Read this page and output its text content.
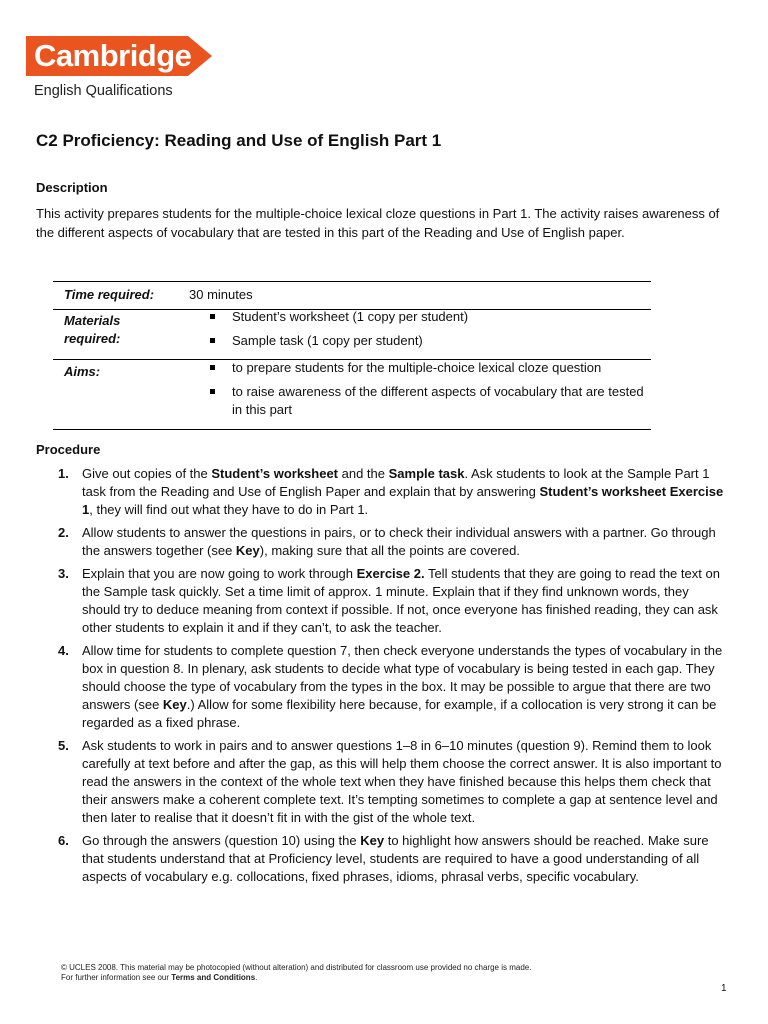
Cambridge
English Qualifications
C2 Proficiency: Reading and Use of English Part 1
Description
This activity prepares students for the multiple-choice lexical cloze questions in Part 1. The activity raises awareness of the different aspects of vocabulary that are tested in this part of the Reading and Use of English paper.
Time required:	30 minutes
Materials required:
Student’s worksheet (1 copy per student)
Sample task (1 copy per student)
Aims:	to prepare students for the multiple-choice lexical cloze question
to raise awareness of the different aspects of vocabulary that are tested in this part
Procedure
1. Give out copies of the Student’s worksheet and the Sample task. Ask students to look at the Sample Part 1 task from the Reading and Use of English Paper and explain that by answering Student’s worksheet Exercise 1, they will find out what they have to do in Part 1.
2. Allow students to answer the questions in pairs, or to check their individual answers with a partner. Go through the answers together (see Key), making sure that all the points are covered.
3. Explain that you are now going to work through Exercise 2. Tell students that they are going to read the text on the Sample task quickly. Set a time limit of approx. 1 minute. Explain that if they find unknown words, they should try to deduce meaning from context if possible. If not, once everyone has finished reading, they can ask other students to explain it and if they can’t, to ask the teacher.
4. Allow time for students to complete question 7, then check everyone understands the types of vocabulary in the box in question 8. In plenary, ask students to decide what type of vocabulary is being tested in each gap. They should choose the type of vocabulary from the types in the box. It may be possible to argue that there are two answers (see Key.) Allow for some flexibility here because, for example, if a collocation is very strong it can be regarded as a fixed phrase.
5. Ask students to work in pairs and to answer questions 1–8 in 6–10 minutes (question 9). Remind them to look carefully at text before and after the gap, as this will help them choose the correct answer. It is also important to read the answers in the context of the whole text when they have finished because this helps them check that their answers make a coherent complete text. It’s tempting sometimes to complete a gap at sentence level and then later to realise that it doesn’t fit in with the gist of the whole text.
6. Go through the answers (question 10) using the Key to highlight how answers should be reached. Make sure that students understand that at Proficiency level, students are required to have a good understanding of all aspects of vocabulary e.g. collocations, fixed phrases, idioms, phrasal verbs, specific vocabulary.
© UCLES 2008. This material may be photocopied (without alteration) and distributed for classroom use provided no charge is made.
For further information see our Terms and Conditions.
1
